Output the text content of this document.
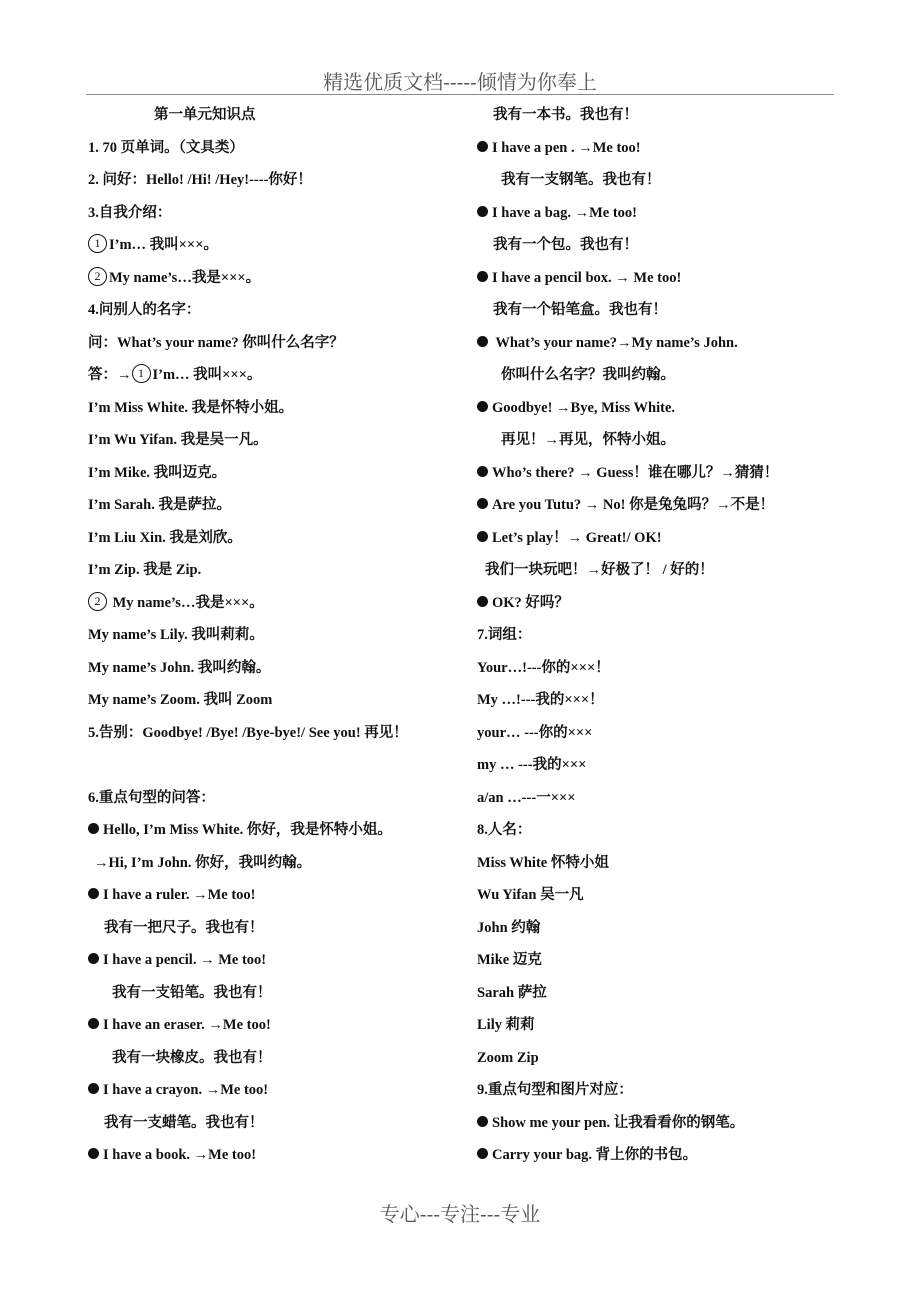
精选优质文档-----倾情为你奉上
第一单元知识点
1. 70 页单词。（文具类）
2. 问好：Hello! /Hi! /Hey!----你好！
3.自我介绍：
1 I’m… 我叫×××。
2 My name’s…我是×××。
4.问别人的名字：
问：What’s your name? 你叫什么名字？
答：→ 1 I’m… 我叫×××。
I’m Miss White. 我是怀特小姐。
I’m Wu Yifan. 我是吴一凡。
I’m Mike. 我叫迈克。
I’m Sarah. 我是萨拉。
I’m Liu Xin. 我是刘欣。
I’m Zip. 我是 Zip.
2 My name’s…我是×××。
My name’s Lily. 我叫莉莉。
My name’s John. 我叫约翰。
My name’s Zoom. 我叫 Zoom
5.告别：Goodbye! /Bye! /Bye-bye!/ See you! 再见！
6.重点句型的问答：
Hello, I’m Miss White. 你好，我是怀特小姐。
→Hi, I’m John. 你好，我叫约翰。
I have a ruler. →Me too!
我有一把尺子。我也有！
I have a pencil. → Me too!
我有一支铅笔。我也有！
I have an eraser. →Me too!
我有一块橡皮。我也有！
I have a crayon. →Me too!
我有一支蜡笔。我也有！
I have a book. →Me too!
我有一本书。我也有！
I have a pen . →Me too!
我有一支钢笔。我也有！
I have a bag. →Me too!
我有一个包。我也有！
I have a pencil box. → Me too!
我有一个铅笔盒。我也有！
What’s your name?→My name’s John.
你叫什么名字？我叫约翰。
Goodbye! →Bye, Miss White.
再见！→再见，怀特小姐。
Who’s there? → Guess！谁在哪儿？→猜猜！
Are you Tutu? → No! 你是兔兔吗？→不是！
Let’s play！→ Great!/ OK!
我们一块玩吧！→好极了！ / 好的！
OK? 好吗？
7.词组：
Your…!---你的×××！
My …!---我的×××！
your… ---你的×××
my … ---我的×××
a/an …---一×××
8.人名：
Miss White 怀特小姐
Wu Yifan 吴一凡
John 约翰
Mike 迈克
Sarah 萨拉
Lily 莉莉
Zoom Zip
9.重点句型和图片对应：
Show me your pen. 让我看看你的钢笔。
Carry your bag. 背上你的书包。
专心---专注---专业
